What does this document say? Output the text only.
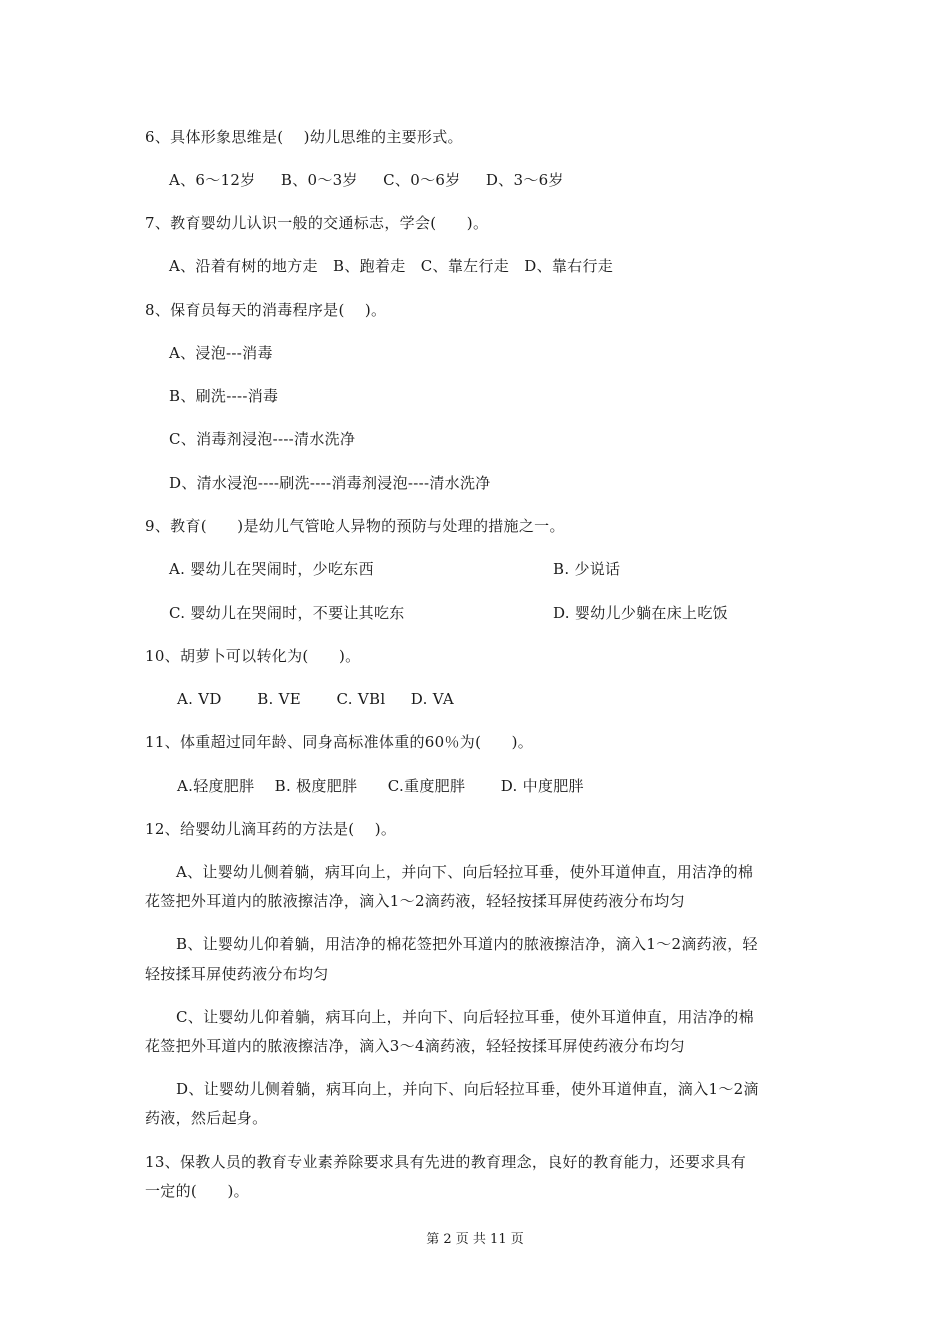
6、具体形象思维是(    )幼儿思维的主要形式。
A、6～12岁     B、0～3岁     C、0～6岁     D、3～6岁
7、教育婴幼儿认识一般的交通标志，学会(      )。
A、沿着有树的地方走   B、跑着走   C、靠左行走   D、靠右行走
8、保育员每天的消毒程序是(    )。
A、浸泡---消毒
B、刷洗----消毒
C、消毒剂浸泡----清水洗净
D、清水浸泡----刷洗----消毒剂浸泡----清水洗净
9、教育(      )是幼儿气管呛人异物的预防与处理的措施之一。
A. 婴幼儿在哭闹时，少吃东西	B. 少说话
C. 婴幼儿在哭闹时，不要让其吃东	D. 婴幼儿少躺在床上吃饭
10、胡萝卜可以转化为(      )。
A. VD       B. VE       C. VBl     D. VA
11、体重超过同年龄、同身高标准体重的60％为(      )。
A.轻度肥胖    B. 极度肥胖      C.重度肥胖       D. 中度肥胖
12、给婴幼儿滴耳药的方法是(    )。
A、让婴幼儿侧着躺，病耳向上，并向下、向后轻拉耳垂，使外耳道伸直，用洁净的棉
花签把外耳道内的脓液擦洁净，滴入1～2滴药液，轻轻按揉耳屏使药液分布均匀
B、让婴幼儿仰着躺，用洁净的棉花签把外耳道内的脓液擦洁净，滴入1～2滴药液，轻
轻按揉耳屏使药液分布均匀
C、让婴幼儿仰着躺，病耳向上，并向下、向后轻拉耳垂，使外耳道伸直，用洁净的棉
花签把外耳道内的脓液擦洁净，滴入3～4滴药液，轻轻按揉耳屏使药液分布均匀
D、让婴幼儿侧着躺，病耳向上，并向下、向后轻拉耳垂，使外耳道伸直，滴入1～2滴
药液，然后起身。
13、保教人员的教育专业素养除要求具有先进的教育理念，良好的教育能力，还要求具有
一定的(      )。
第 2 页 共 11 页
